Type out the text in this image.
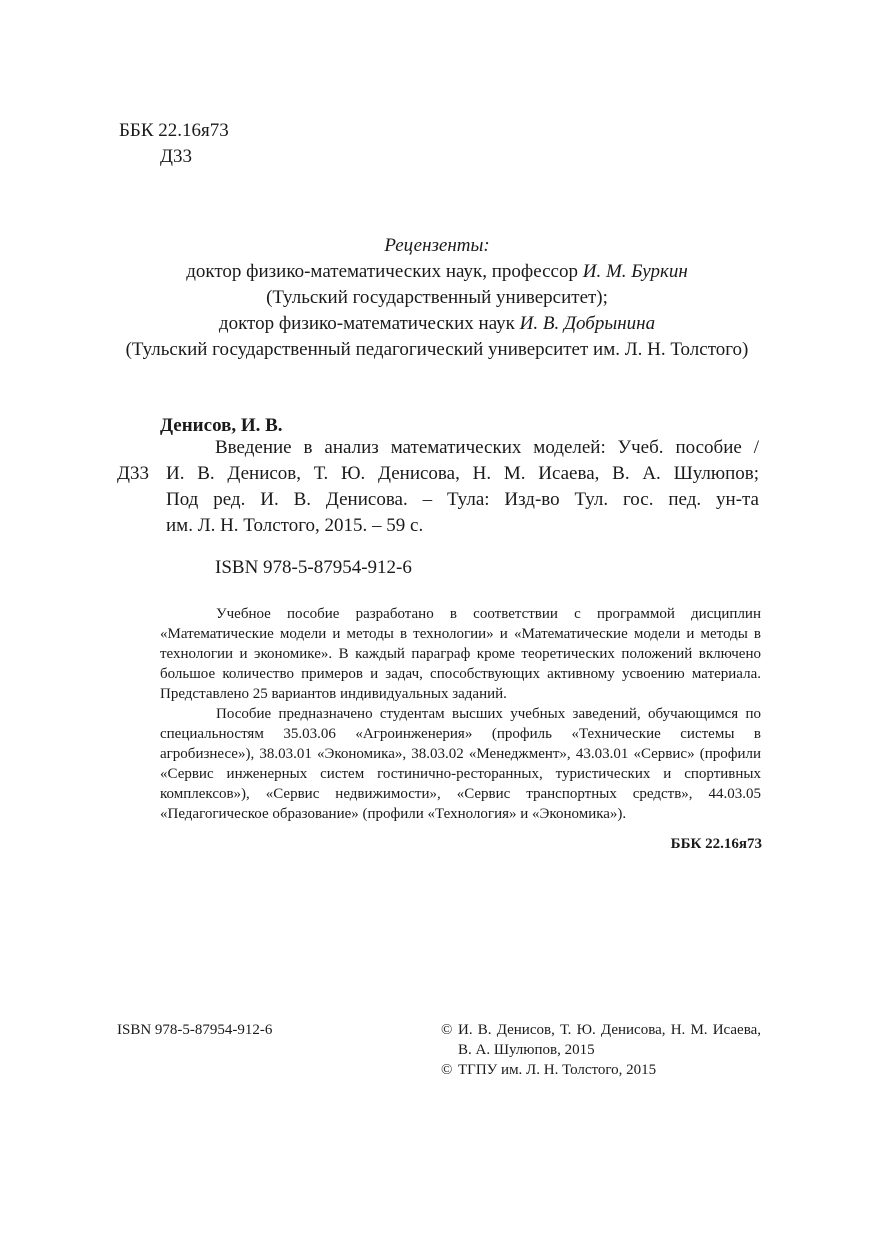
ББК 22.16я73
Д33
Рецензенты:
доктор физико-математических наук, профессор И. М. Буркин
(Тульский государственный университет);
доктор физико-математических наук И. В. Добрынина
(Тульский государственный педагогический университет им. Л. Н. Толстого)
Денисов, И. В.
Д33
Введение в анализ математических моделей: Учеб. пособие /
И. В. Денисов, Т. Ю. Денисова, Н. М. Исаева, В. А. Шулюпов;
Под ред. И. В. Денисова. – Тула: Изд-во Тул. гос. пед. ун-та
им. Л. Н. Толстого, 2015. – 59 с.
ISBN 978-5-87954-912-6

Учебное пособие разработано в соответствии с программой дисциплин «Математические модели и методы в технологии» и «Математические модели и методы в технологии и экономике». В каждый параграф кроме теоретических положений включено большое количество примеров и задач, способствующих активному усвоению материала. Представлено 25 вариантов индивидуальных заданий.

Пособие предназначено студентам высших учебных заведений, обучающимся по специальностям 35.03.06 «Агроинженерия» (профиль «Технические системы в агробизнесе»), 38.03.01 «Экономика», 38.03.02 «Менеджмент», 43.03.01 «Сервис» (профили «Сервис инженерных систем гостинично-ресторанных, туристических и спортивных комплексов»), «Сервис недвижимости», «Сервис транспортных средств», 44.03.05 «Педагогическое образование» (профили «Технология» и «Экономика»).

ББК 22.16я73
ISBN 978-5-87954-912-6	© И. В. Денисов, Т. Ю. Денисова, Н. М. Исаева,
В. А. Шулюпов, 2015
© ТГПУ им. Л. Н. Толстого, 2015
